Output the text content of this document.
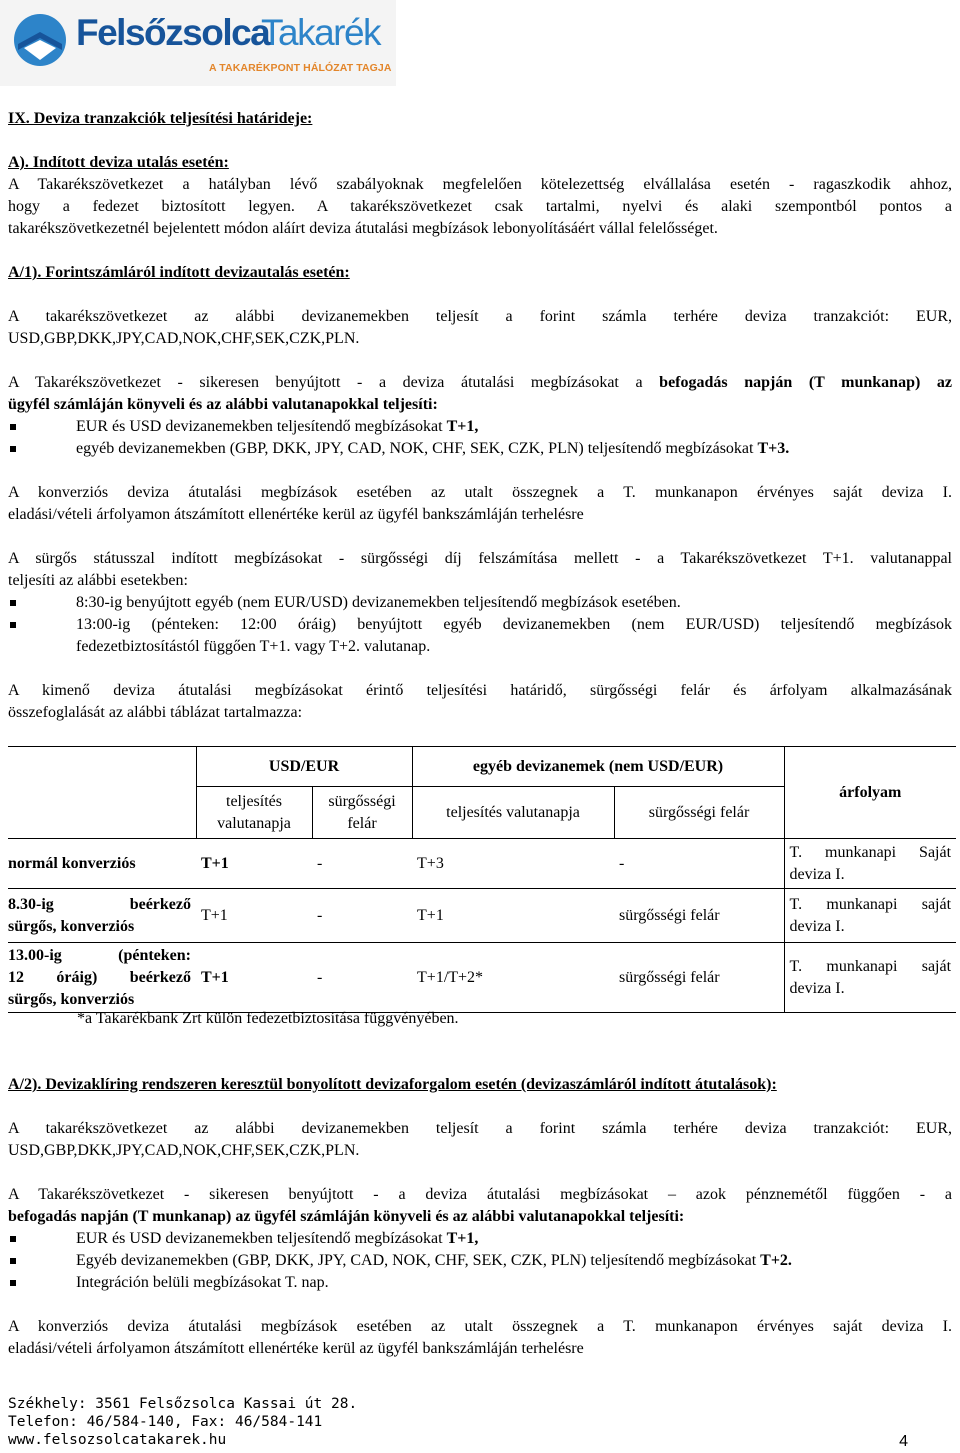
Felsőzsolca
Takarék
A TAKARÉKPONT HÁLÓZAT TAGJA
IX. Deviza tranzakciók teljesítési határideje:
A). Indított deviza utalás esetén:
A Takarékszövetkezet a hatályban lévő szabályoknak megfelelően kötelezettség elvállalása esetén - ragaszkodik ahhoz,
hogy a fedezet biztosított legyen. A takarékszövetkezet csak tartalmi, nyelvi és alaki szempontból pontos a
takarékszövetkezetnél bejelentett módon aláírt deviza átutalási megbízások lebonyolításáért vállal felelősséget.
A/1). Forintszámláról indított devizautalás esetén:
A takarékszövetkezet az alábbi devizanemekben teljesít a forint számla terhére deviza tranzakciót: EUR,
USD,GBP,DKK,JPY,CAD,NOK,CHF,SEK,CZK,PLN.
A Takarékszövetkezet - sikeresen benyújtott - a deviza átutalási megbízásokat a befogadás napján (T munkanap) az
ügyfél számláján könyveli és az alábbi valutanapokkal teljesíti:
EUR és USD devizanemekben teljesítendő megbízásokat T+1,
egyéb devizanemekben (GBP, DKK, JPY, CAD, NOK, CHF, SEK, CZK, PLN) teljesítendő megbízásokat T+3.
A konverziós deviza átutalási megbízások esetében az utalt összegnek a T. munkanapon érvényes saját deviza I.
eladási/vételi árfolyamon átszámított ellenértéke kerül az ügyfél bankszámláján terhelésre
A sürgős státusszal indított megbízásokat - sürgősségi díj felszámítása mellett - a Takarékszövetkezet T+1. valutanappal
teljesíti az alábbi esetekben:
8:30-ig benyújtott egyéb (nem EUR/USD) devizanemekben teljesítendő megbízások esetében.
13:00-ig (pénteken: 12:00 óráig) benyújtott egyéb devizanemekben (nem EUR/USD) teljesítendő megbízások
fedezetbiztosítástól függően T+1. vagy T+2. valutanap.
A kimenő deviza átutalási megbízásokat érintő teljesítési határidő, sürgősségi felár és árfolyam alkalmazásának
összefoglalását az alábbi táblázat tartalmazza:
	USD/EUR		egyéb devizanemek (nem USD/EUR)		árfolyam
	teljesítés
valutanapja	sürgősségi
felár	teljesítés valutanapja	sürgősségi felár	
normál konverziós	T+1	-	T+3	-	T. munkanapi Saját
deviza I.

8.30-ig beérkező
sürgős, konverziós	T+1	-	T+1	sürgősségi felár	T. munkanapi saját
deviza I.

13.00-ig (pénteken:
12 óráig) beérkező
sürgős, konverziós	T+1	-	T+1/T+2*	sürgősségi felár	T. munkanapi saját
deviza I.
*a Takarékbank Zrt külön fedezetbiztosítása függvényében.
A/2). Devizaklíring rendszeren keresztül bonyolított devizaforgalom esetén (devizaszámláról indított átutalások):
A takarékszövetkezet az alábbi devizanemekben teljesít a forint számla terhére deviza tranzakciót: EUR,
USD,GBP,DKK,JPY,CAD,NOK,CHF,SEK,CZK,PLN.
A Takarékszövetkezet - sikeresen benyújtott - a deviza átutalási megbízásokat – azok pénznemétől függően - a
befogadás napján (T munkanap) az ügyfél számláján könyveli és az alábbi valutanapokkal teljesíti:
EUR és USD devizanemekben teljesítendő megbízásokat T+1,
Egyéb devizanemekben (GBP, DKK, JPY, CAD, NOK, CHF, SEK, CZK, PLN) teljesítendő megbízásokat T+2.
Integráción belüli megbízásokat T. nap.
A konverziós deviza átutalási megbízások esetében az utalt összegnek a T. munkanapon érvényes saját deviza I.
eladási/vételi árfolyamon átszámított ellenértéke kerül az ügyfél bankszámláján terhelésre
Székhely: 3561 Felsőzsolca Kassai út 28.
Telefon: 46/584-140, Fax: 46/584-141
www.felsozsolcatakarek.hu	4
